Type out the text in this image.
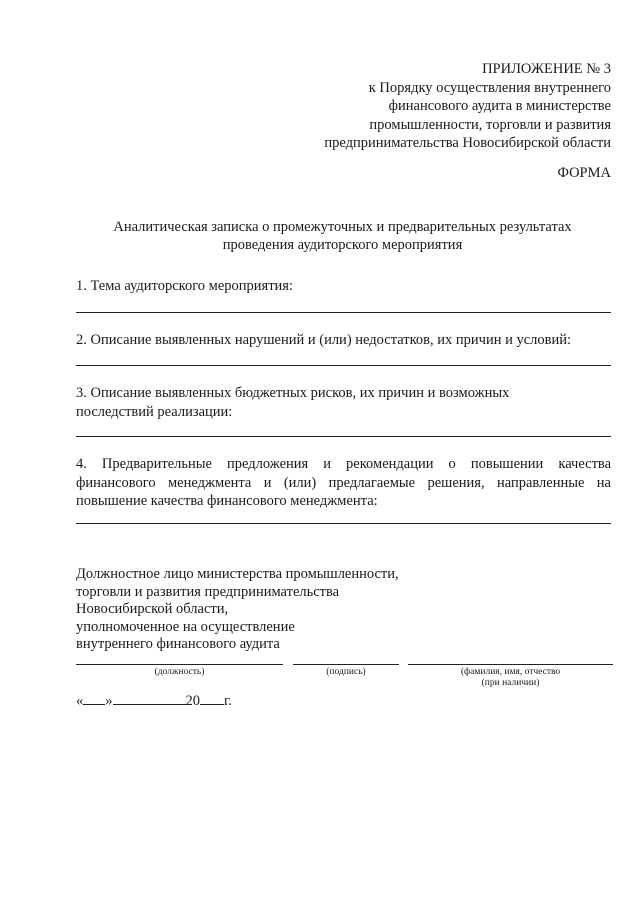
ПРИЛОЖЕНИЕ № 3
к Порядку осуществления внутреннего
финансового аудита в министерстве
промышленности, торговли и развития
предпринимательства Новосибирской области
ФОРМА
Аналитическая записка о промежуточных и предварительных результатах
проведения аудиторского мероприятия
1. Тема аудиторского мероприятия:
2. Описание выявленных нарушений и (или) недостатков, их причин и условий:
3. Описание выявленных бюджетных рисков, их причин и возможных
последствий реализации:
4. Предварительные предложения и рекомендации о повышении качества
финансового менеджмента и (или) предлагаемые решения, направленные на
повышение качества финансового менеджмента:
Должностное лицо министерства промышленности,
торговли и развития предпринимательства
Новосибирской области,
уполномоченное на осуществление
внутреннего финансового аудита
(должность)	(подпись)	(фамилия, имя, отчество
(при наличии)
« »	20 г.
